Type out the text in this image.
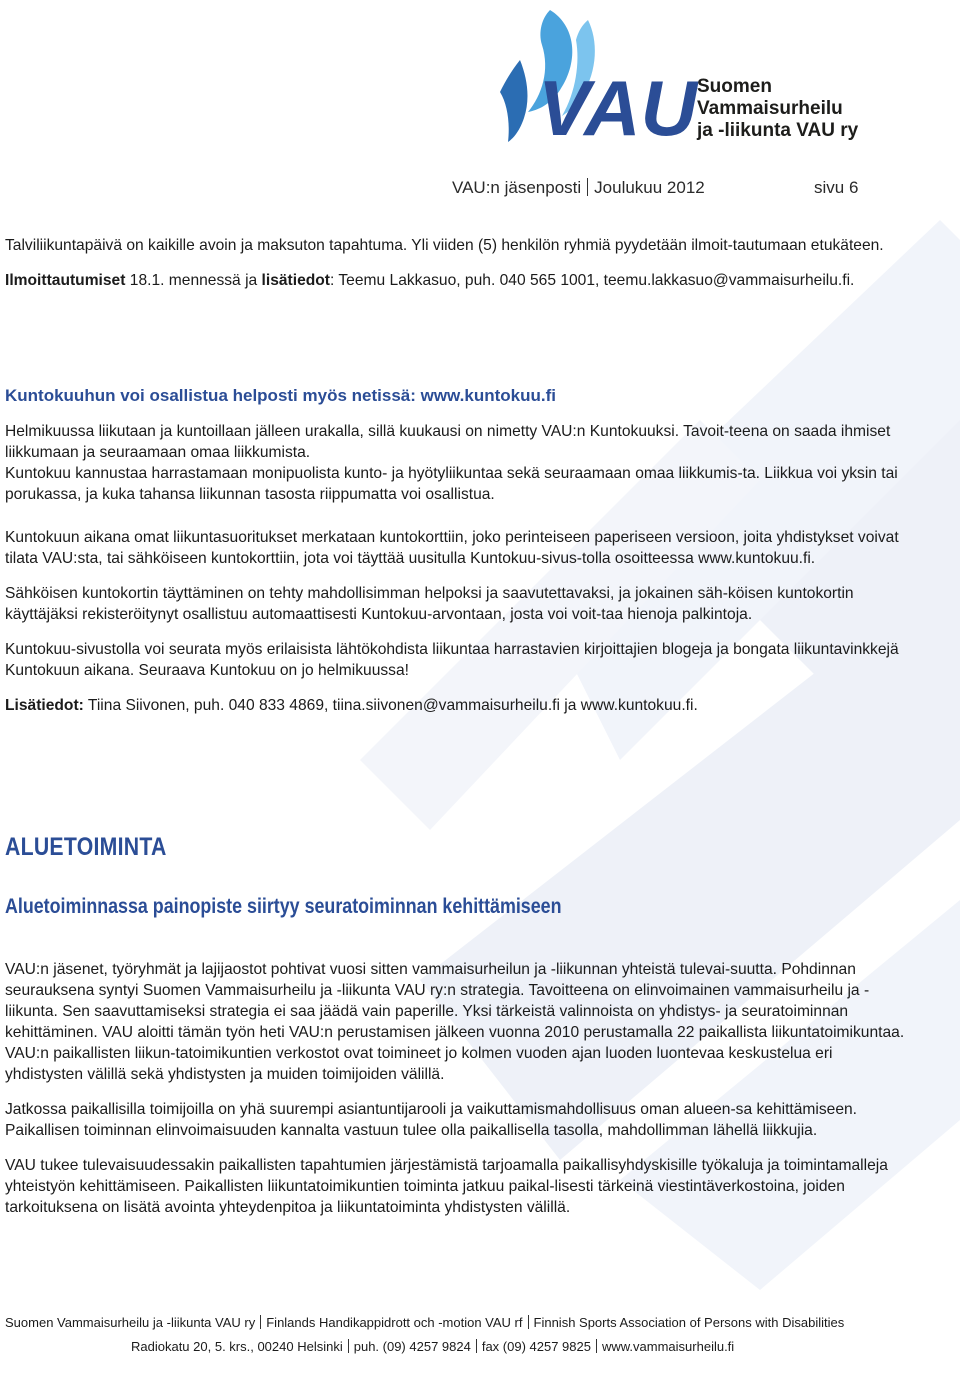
VAU Suomen
Vammaisurheilu
ja -liikunta VAU ry
VAU:n jäsenposti Joulukuu 2012	sivu 6

Talviliikuntapäivä on kaikille avoin ja maksuton tapahtuma. Yli viiden (5) henkilön ryhmiä pyydetään ilmoit-tautumaan etukäteen.

Ilmoittautumiset 18.1. mennessä ja lisätiedot: Teemu Lakkasuo, puh. 040 565 1001, teemu.lakkasuo@vammaisurheilu.fi.

Kuntokuuhun voi osallistua helposti myös netissä: www.kuntokuu.fi

Helmikuussa liikutaan ja kuntoillaan jälleen urakalla, sillä kuukausi on nimetty VAU:n Kuntokuuksi. Tavoit-teena on saada ihmiset liikkumaan ja seuraamaan omaa liikkumista.

Kuntokuu kannustaa harrastamaan monipuolista kunto- ja hyötyliikuntaa sekä seuraamaan omaa liikkumis-ta. Liikkua voi yksin tai porukassa, ja kuka tahansa liikunnan tasosta riippumatta voi osallistua.

Kuntokuun aikana omat liikuntasuoritukset merkataan kuntokorttiin, joko perinteiseen paperiseen versioon, joita yhdistykset voivat tilata VAU:sta, tai sähköiseen kuntokorttiin, jota voi täyttää uusitulla Kuntokuu-sivus-tolla osoitteessa www.kuntokuu.fi.

Sähköisen kuntokortin täyttäminen on tehty mahdollisimman helpoksi ja saavutettavaksi, ja jokainen säh-köisen kuntokortin käyttäjäksi rekisteröitynyt osallistuu automaattisesti Kuntokuu-arvontaan, josta voi voit-taa hienoja palkintoja.

Kuntokuu-sivustolla voi seurata myös erilaisista lähtökohdista liikuntaa harrastavien kirjoittajien blogeja ja bongata liikuntavinkkejä Kuntokuun aikana. Seuraava Kuntokuu on jo helmikuussa!

Lisätiedot: Tiina Siivonen, puh. 040 833 4869, tiina.siivonen@vammaisurheilu.fi ja www.kuntokuu.fi.

ALUETOIMINTA
Aluetoiminnassa painopiste siirtyy seuratoiminnan kehittämiseen

VAU:n jäsenet, työryhmät ja lajijaostot pohtivat vuosi sitten vammaisurheilun ja -liikunnan yhteistä tulevai-suutta. Pohdinnan seurauksena syntyi Suomen Vammaisurheilu ja -liikunta VAU ry:n strategia. Tavoitteena on elinvoimainen vammaisurheilu ja -liikunta. Sen saavuttamiseksi strategia ei saa jäädä vain paperille. Yksi tärkeistä valinnoista on yhdistys- ja seuratoiminnan kehittäminen. VAU aloitti tämän työn heti VAU:n perustamisen jälkeen vuonna 2010 perustamalla 22 paikallista liikuntatoimikuntaa. VAU:n paikallisten liikun-tatoimikuntien verkostot ovat toimineet jo kolmen vuoden ajan luoden luontevaa keskustelua eri yhdistysten välillä sekä yhdistysten ja muiden toimijoiden välillä.

Jatkossa paikallisilla toimijoilla on yhä suurempi asiantuntijarooli ja vaikuttamismahdollisuus oman alueen-sa kehittämiseen. Paikallisen toiminnan elinvoimaisuuden kannalta vastuun tulee olla paikallisella tasolla, mahdollimman lähellä liikkujia.

VAU tukee tulevaisuudessakin paikallisten tapahtumien järjestämistä tarjoamalla paikallisyhdyskisille työkaluja ja toimintamalleja yhteistyön kehittämiseen. Paikallisten liikuntatoimikuntien toiminta jatkuu paikal-lisesti tärkeinä viestintäverkostoina, joiden tarkoituksena on lisätä avointa yhteydenpitoa ja liikuntatoiminta yhdistysten välillä.

Suomen Vammaisurheilu ja -liikunta VAU ry Finlands Handikappidrott och -motion VAU rf Finnish Sports Association of Persons with Disabilities
Radiokatu 20, 5. krs., 00240 Helsinki puh. (09) 4257 9824 fax (09) 4257 9825 www.vammaisurheilu.fi
